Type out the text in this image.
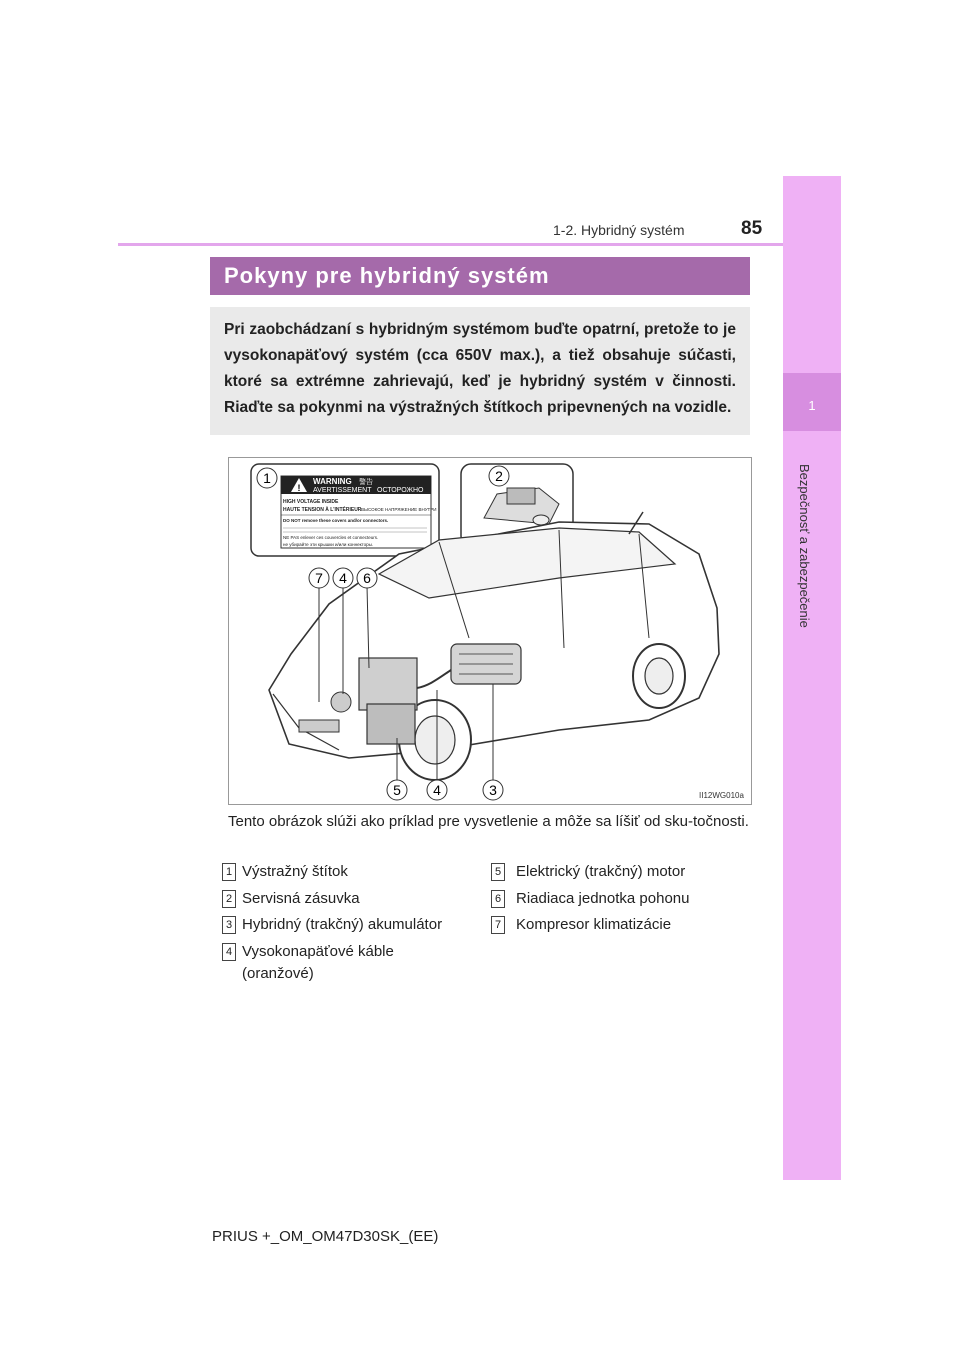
1
Bezpečnosť a zabezpečenie
1-2. Hybridný systém	85
Pokyny pre hybridný systém

Pri zaobchádzaní s hybridným systémom buďte opatrní, pretože to je vysokonapäťový systém (cca 650V max.), a tiež obsahuje súčasti, ktoré sa extrémne zahrievajú, keď je hybridný systém v činnosti. Riaďte sa pokynmi na výstražných štítkoch pripevnených na vozidle.

!
WARNING 警告
AVERTISSEMENT ОСТОРОЖНО
HIGH VOLTAGE INSIDE
HAUTE TENSION À L'INTÉRIEUR ВЫСОКОЕ НАПРЯЖЕНИЕ ВНУТРИ
DO NOT remove these covers and/or connectors.
NE PAS enlever ces couvercles et connecteurs.
не убирайте эти крышки и/или коннекторы.
1	2
7 4 6
5 4	3	II12WG010a
Tento obrázok slúži ako príklad pre vysvetlenie a môže sa líšiť od sku-točnosti.
1 Výstražný štítok
2 Servisná zásuvka
3 Hybridný (trakčný) akumulátor
4 Vysokonapäťové káble
(oranžové)
5 Elektrický (trakčný) motor
6 Riadiaca jednotka pohonu
7 Kompresor klimatizácie
PRIUS +_OM_OM47D30SK_(EE)
